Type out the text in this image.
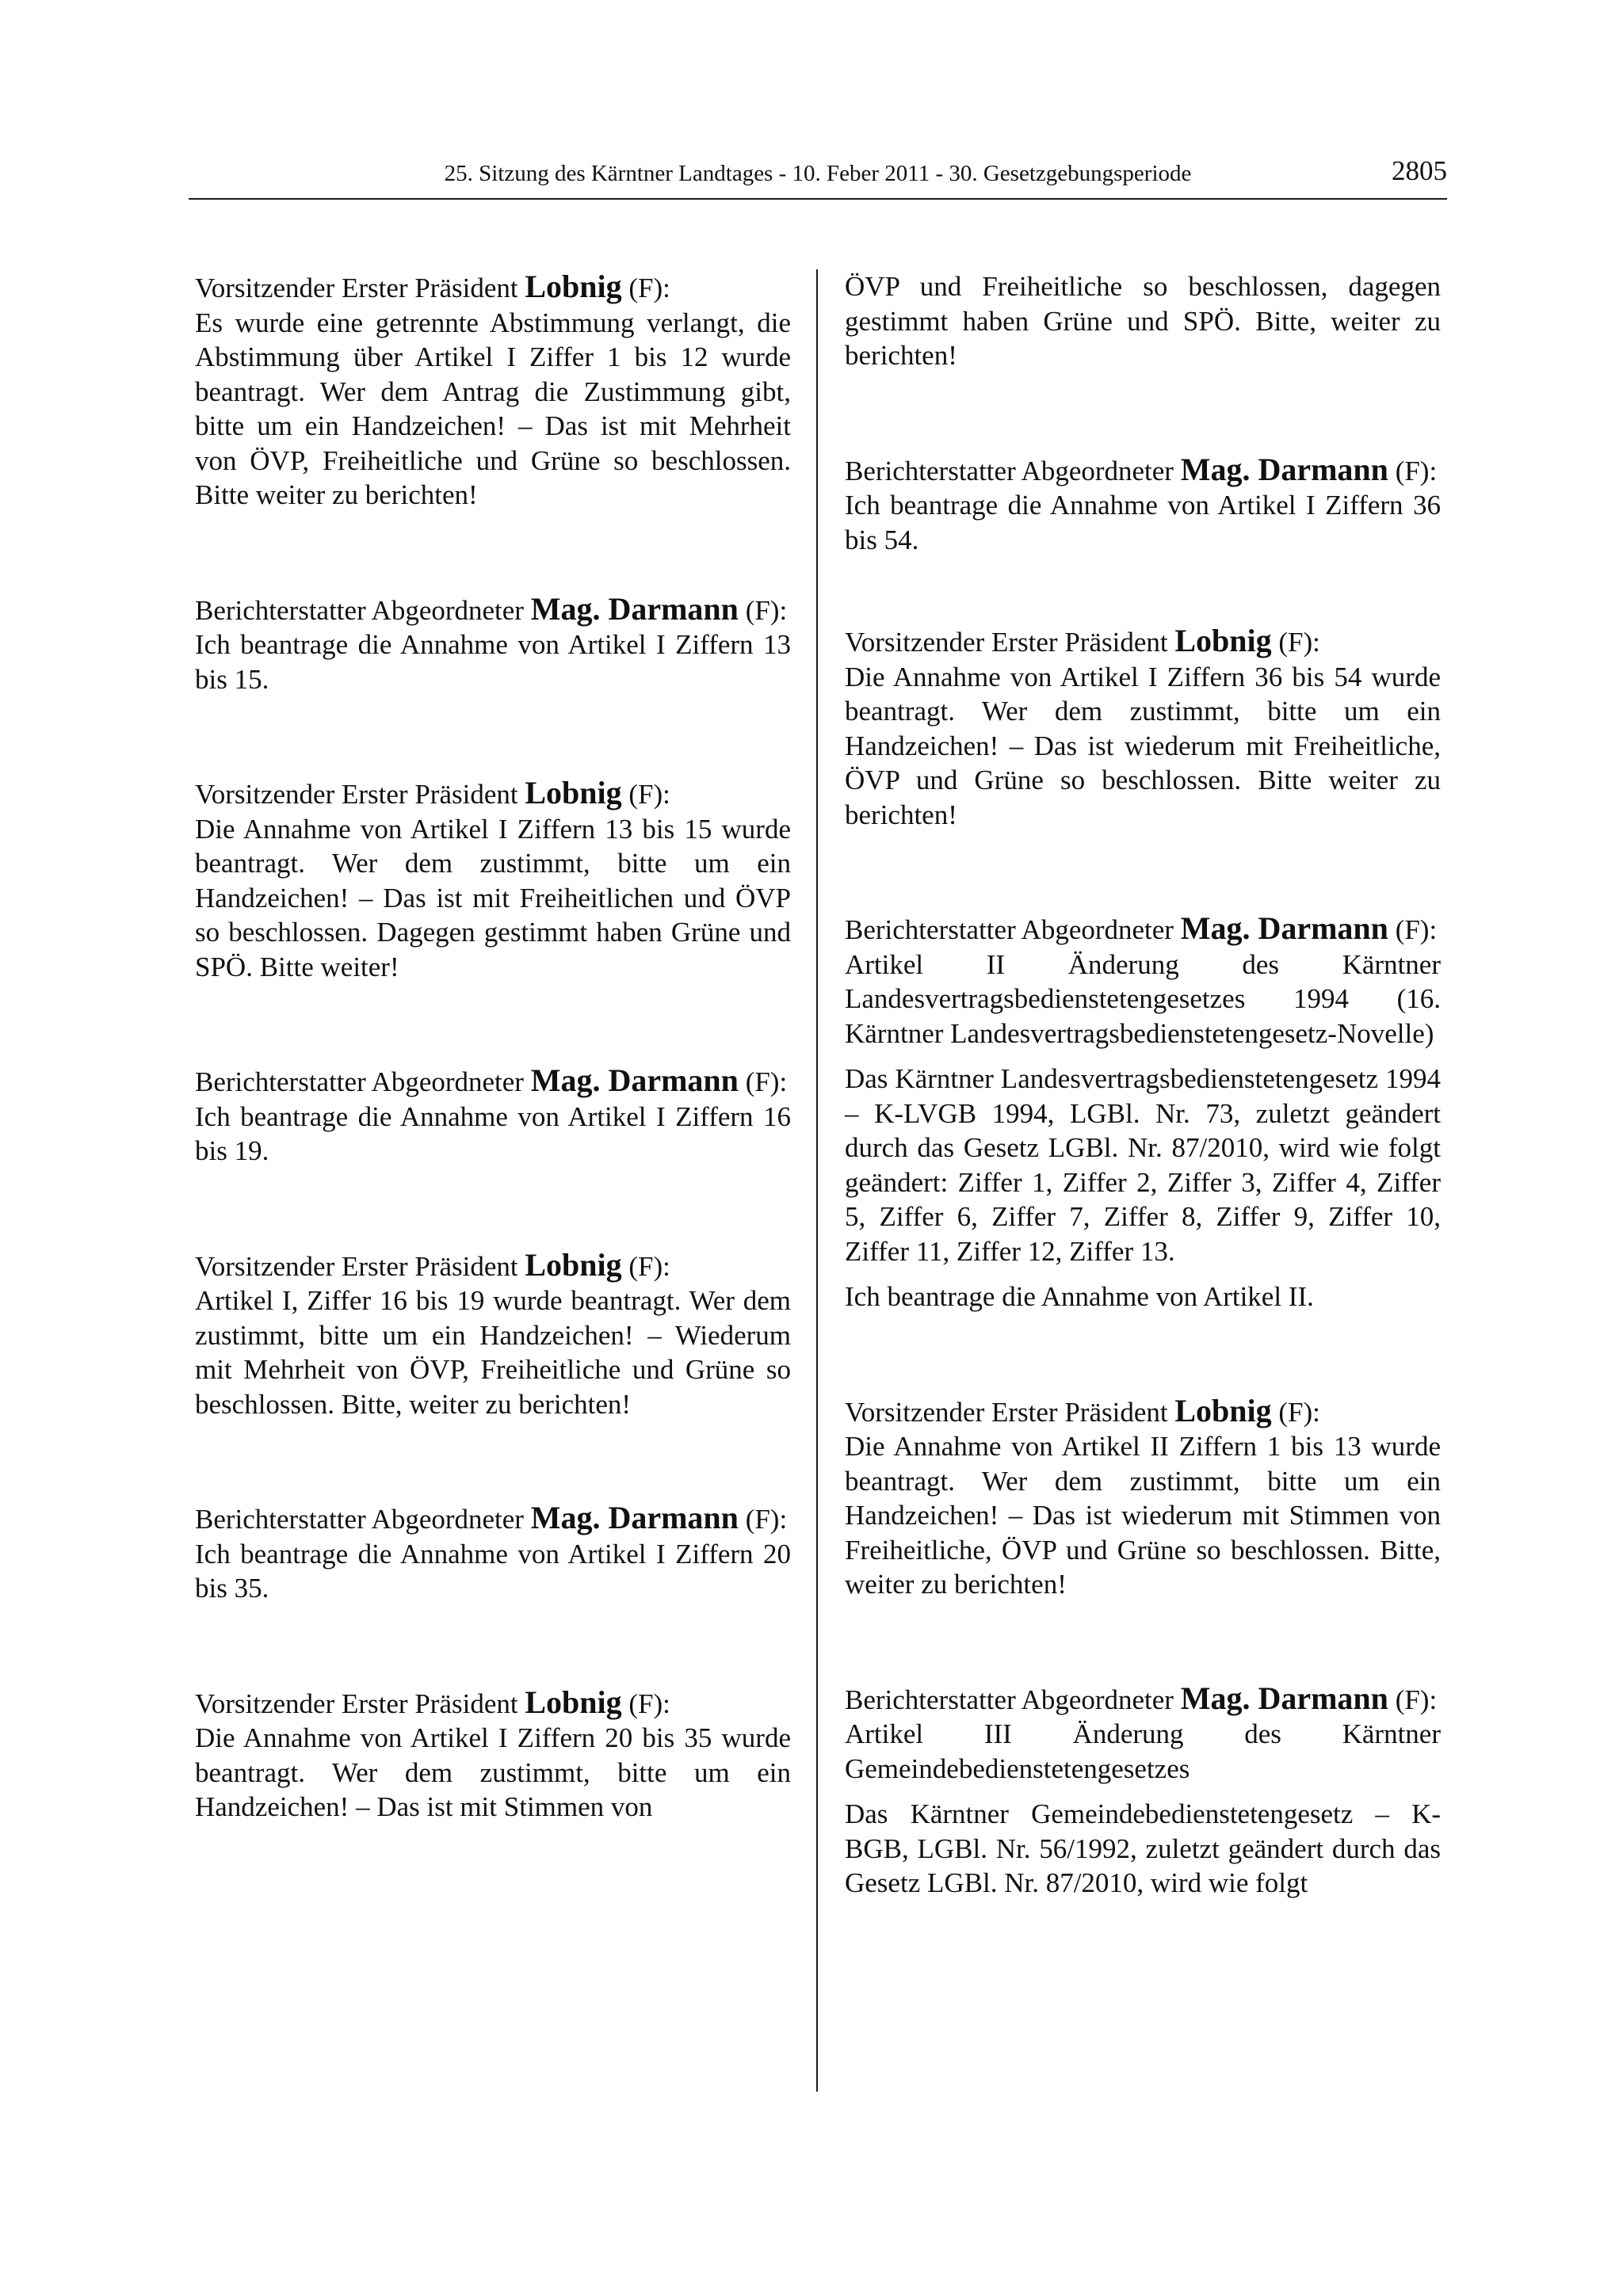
25. Sitzung des Kärntner Landtages - 10. Feber 2011 - 30. Gesetzgebungsperiode	2805

Vorsitzender Erster Präsident Lobnig (F):

Es wurde eine getrennte Abstimmung verlangt, die Abstimmung über Artikel I Ziffer 1 bis 12 wurde beantragt. Wer dem Antrag die Zustimmung gibt, bitte um ein Handzeichen! – Das ist mit Mehrheit von ÖVP, Freiheitliche und Grüne so beschlossen. Bitte weiter zu berichten!

Berichterstatter Abgeordneter Mag. Darmann (F):

Ich beantrage die Annahme von Artikel I Ziffern 13 bis 15.

Vorsitzender Erster Präsident Lobnig (F):

Die Annahme von Artikel I Ziffern 13 bis 15 wurde beantragt. Wer dem zustimmt, bitte um ein Handzeichen! – Das ist mit Freiheitlichen und ÖVP so beschlossen. Dagegen gestimmt haben Grüne und SPÖ. Bitte weiter!

Berichterstatter Abgeordneter Mag. Darmann (F):

Ich beantrage die Annahme von Artikel I Ziffern 16 bis 19.

Vorsitzender Erster Präsident Lobnig (F):

Artikel I, Ziffer 16 bis 19 wurde beantragt. Wer dem zustimmt, bitte um ein Handzeichen! – Wiederum mit Mehrheit von ÖVP, Freiheitliche und Grüne so beschlossen. Bitte, weiter zu berichten!

Berichterstatter Abgeordneter Mag. Darmann (F):

Ich beantrage die Annahme von Artikel I Ziffern 20 bis 35.

Vorsitzender Erster Präsident Lobnig (F):

Die Annahme von Artikel I Ziffern 20 bis 35 wurde beantragt. Wer dem zustimmt, bitte um ein Handzeichen! – Das ist mit Stimmen von

ÖVP und Freiheitliche so beschlossen, dagegen gestimmt haben Grüne und SPÖ. Bitte, weiter zu berichten!

Berichterstatter Abgeordneter Mag. Darmann (F):

Ich beantrage die Annahme von Artikel I Ziffern 36 bis 54.

Vorsitzender Erster Präsident Lobnig (F):

Die Annahme von Artikel I Ziffern 36 bis 54 wurde beantragt. Wer dem zustimmt, bitte um ein Handzeichen! – Das ist wiederum mit Freiheitliche, ÖVP und Grüne so beschlossen. Bitte weiter zu berichten!

Berichterstatter Abgeordneter Mag. Darmann (F):

Artikel II Änderung des Kärntner Landesvertragsbedienstetengesetzes 1994 (16. Kärntner Landesvertragsbedienstetengesetz-Novelle)

Das Kärntner Landesvertragsbedienstetengesetz 1994 – K-LVGB 1994, LGBl. Nr. 73, zuletzt geändert durch das Gesetz LGBl. Nr. 87/2010, wird wie folgt geändert: Ziffer 1, Ziffer 2, Ziffer 3, Ziffer 4, Ziffer 5, Ziffer 6, Ziffer 7, Ziffer 8, Ziffer 9, Ziffer 10, Ziffer 11, Ziffer 12, Ziffer 13.

Ich beantrage die Annahme von Artikel II.

Vorsitzender Erster Präsident Lobnig (F):

Die Annahme von Artikel II Ziffern 1 bis 13 wurde beantragt. Wer dem zustimmt, bitte um ein Handzeichen! – Das ist wiederum mit Stimmen von Freiheitliche, ÖVP und Grüne so beschlossen. Bitte, weiter zu berichten!

Berichterstatter Abgeordneter Mag. Darmann (F):

Artikel III Änderung des Kärntner Gemeindebedienstetengesetzes

Das Kärntner Gemeindebedienstetengesetz – K-BGB, LGBl. Nr. 56/1992, zuletzt geändert durch das Gesetz LGBl. Nr. 87/2010, wird wie folgt
